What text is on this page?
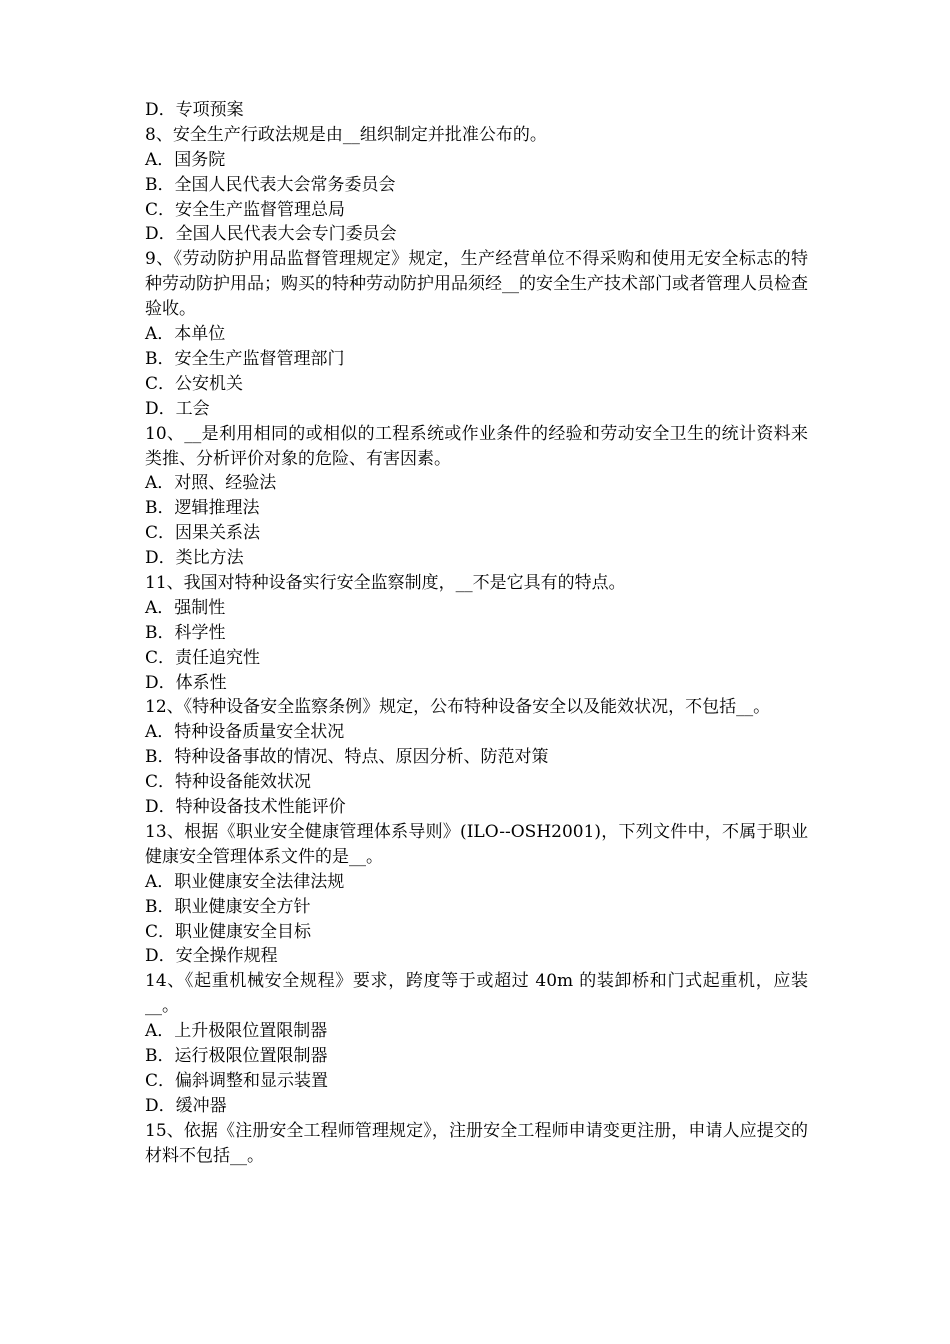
D．专项预案
8、安全生产行政法规是由__组织制定并批准公布的。
A．国务院
B．全国人民代表大会常务委员会
C．安全生产监督管理总局
D．全国人民代表大会专门委员会
9、《劳动防护用品监督管理规定》规定，生产经营单位不得采购和使用无安全标志的特种劳动防护用品；购买的特种劳动防护用品须经__的安全生产技术部门或者管理人员检查验收。
A．本单位
B．安全生产监督管理部门
C．公安机关
D．工会
10、__是利用相同的或相似的工程系统或作业条件的经验和劳动安全卫生的统计资料来类推、分析评价对象的危险、有害因素。
A．对照、经验法
B．逻辑推理法
C．因果关系法
D．类比方法
11、我国对特种设备实行安全监察制度，__不是它具有的特点。
A．强制性
B．科学性
C．责任追究性
D．体系性
12、《特种设备安全监察条例》规定，公布特种设备安全以及能效状况，不包括__。
A．特种设备质量安全状况
B．特种设备事故的情况、特点、原因分析、防范对策
C．特种设备能效状况
D．特种设备技术性能评价
13、根据《职业安全健康管理体系导则》(ILO--OSH2001)，下列文件中，不属于职业健康安全管理体系文件的是__。
A．职业健康安全法律法规
B．职业健康安全方针
C．职业健康安全目标
D．安全操作规程
14、《起重机械安全规程》要求，跨度等于或超过 40m 的装卸桥和门式起重机，应装__。
A．上升极限位置限制器
B．运行极限位置限制器
C．偏斜调整和显示装置
D．缓冲器
15、依据《注册安全工程师管理规定》，注册安全工程师申请变更注册，申请人应提交的材料不包括__。
